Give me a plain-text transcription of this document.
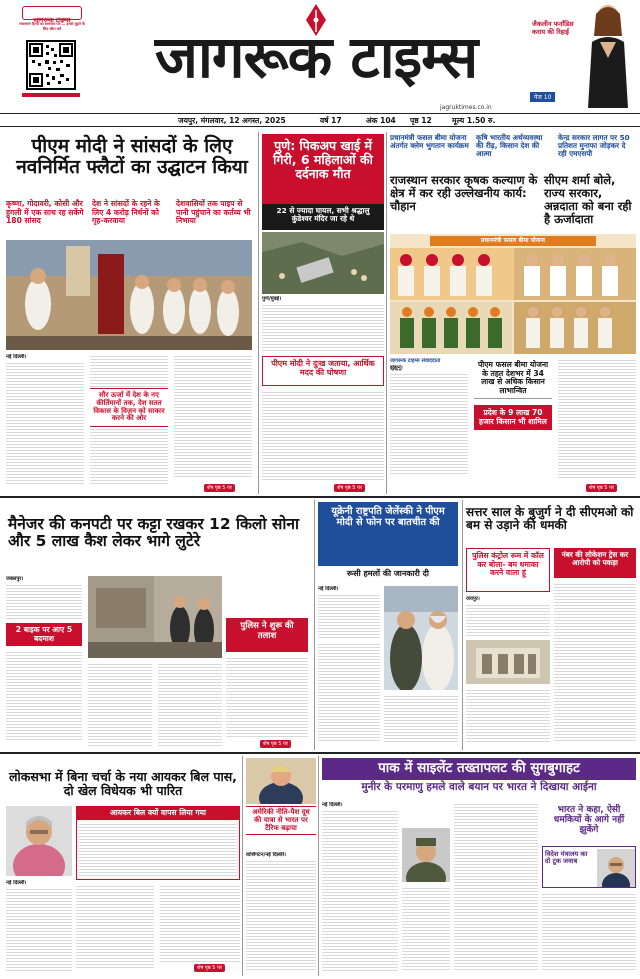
जागरूक टाइम्स
राजस्थान हिन्दी का समाचार पत्र — हमसे जुड़ने के लिए स्कैन करें	जागरूक टाइम्स
jagruktimes.co.in
जैकलीन फर्नांडिस कराय की रिहाई
पेज 10
जयपुर, मंगलवार, 12 अगस्त, 2025	वर्ष 17	अंक 104 पृष्ठ 12	मूल्य 1.50 रु.
पीएम मोदी ने सांसदों के लिए नवनिर्मित फ्लैटों का उद्घाटन किया
कृष्णा, गोदावरी, कोसी और हुगली में एक साथ रह सकेंगे 180 सांसद
देश ने सांसदों के रहने के लिए 4 करोड़ निर्धनों को गृह-करवाया
देशवासियों तक पाइप से पानी पहुंचाने का कर्तव्य भी निभाया
नई दिल्ली।
सौर ऊर्जा में देश के नए कीर्तिमानों तक, देश सतत विकास के विज़न को साकार करने की ओर
शेष पृष्ठ 5 पर
पुणे: पिकअप खाई में गिरी, 6 महिलाओं की दर्दनाक मौत
22 से ज्यादा घायल, सभी श्रद्धालु कुंडेश्वर मंदिर जा रहे थे
पुणे/मुंबई।
पीएम मोदी ने दुःख जताया, आर्थिक मदद की घोषणा
शेष पृष्ठ 5 पर
प्रधानमंत्री फसल बीमा योजना अंतर्गत क्लेम भुगतान कार्यक्रम
कृषि भारतीय अर्थव्यवस्था की रीढ़, किसान देश की आत्मा
केन्द्र सरकार लागत पर 50 प्रतिशत मुनाफा जोड़कर दे रही एमएसपी
राजस्थान सरकार कृषक कल्याण के क्षेत्र में कर रही उल्लेखनीय कार्य: चौहान
सीएम शर्मा बोले, राज्य सरकार, अन्नदाता को बना रही है ऊर्जादाता
प्रधानमंत्री फसल बीमा योजना
जागरूक टाइम्स संवाददाता
झुंझुनूं।	पीएम फसल बीमा योजना के तहत देशभर में 34 लाख से अधिक किसान लाभान्वित
प्रदेश के 9 लाख 70 हजार किसान भी शामिल
शेष पृष्ठ 5 पर
मैनेजर की कनपटी पर कट्टा रखकर 12 किलो सोना और 5 लाख कैश लेकर भागे लुटेरे
जबलपुर।
2 बाइक पर आए 5 बदमाश
पुलिस ने शुरू की तलाश
शेष पृष्ठ 5 पर
यूक्रेनी राष्ट्रपति जेलेंस्की ने पीएम मोदी से फोन पर बातचीत की
रूसी हमलों की जानकारी दी
नई दिल्ली।
सत्तर साल के बुजुर्ग ने दी सीएमओ को बम से उड़ाने की धमकी
पुलिस कंट्रोल रूम में कॉल कर बोला- बम धमाका करने वाला हूं
नंबर की लोकेशन ट्रेस कर आरोपी को पकड़ा
जयपुर।
लोकसभा में बिना चर्चा के नया आयकर बिल पास, दो खेल विधेयक भी पारित
आयकर बिल क्यों वापस लिया गया
नई दिल्ली।
शेष पृष्ठ 5 पर
अमेरिकी नीति-पैश दूध की यात्रा से भारत पर टैरिफ बढ़ाया
वाशिंगटन/नई दिल्ली।
पाक में साइलेंट तख्तापलट की सुगबुगाहट
मुनीर के परमाणु हमले वाले बयान पर भारत ने दिखाया आईना
नई दिल्ली।	भारत ने कहा, ऐसी धमकियों के आगे नहीं झुकेंगे
विदेश मंत्रालय का दो टूक जवाब
